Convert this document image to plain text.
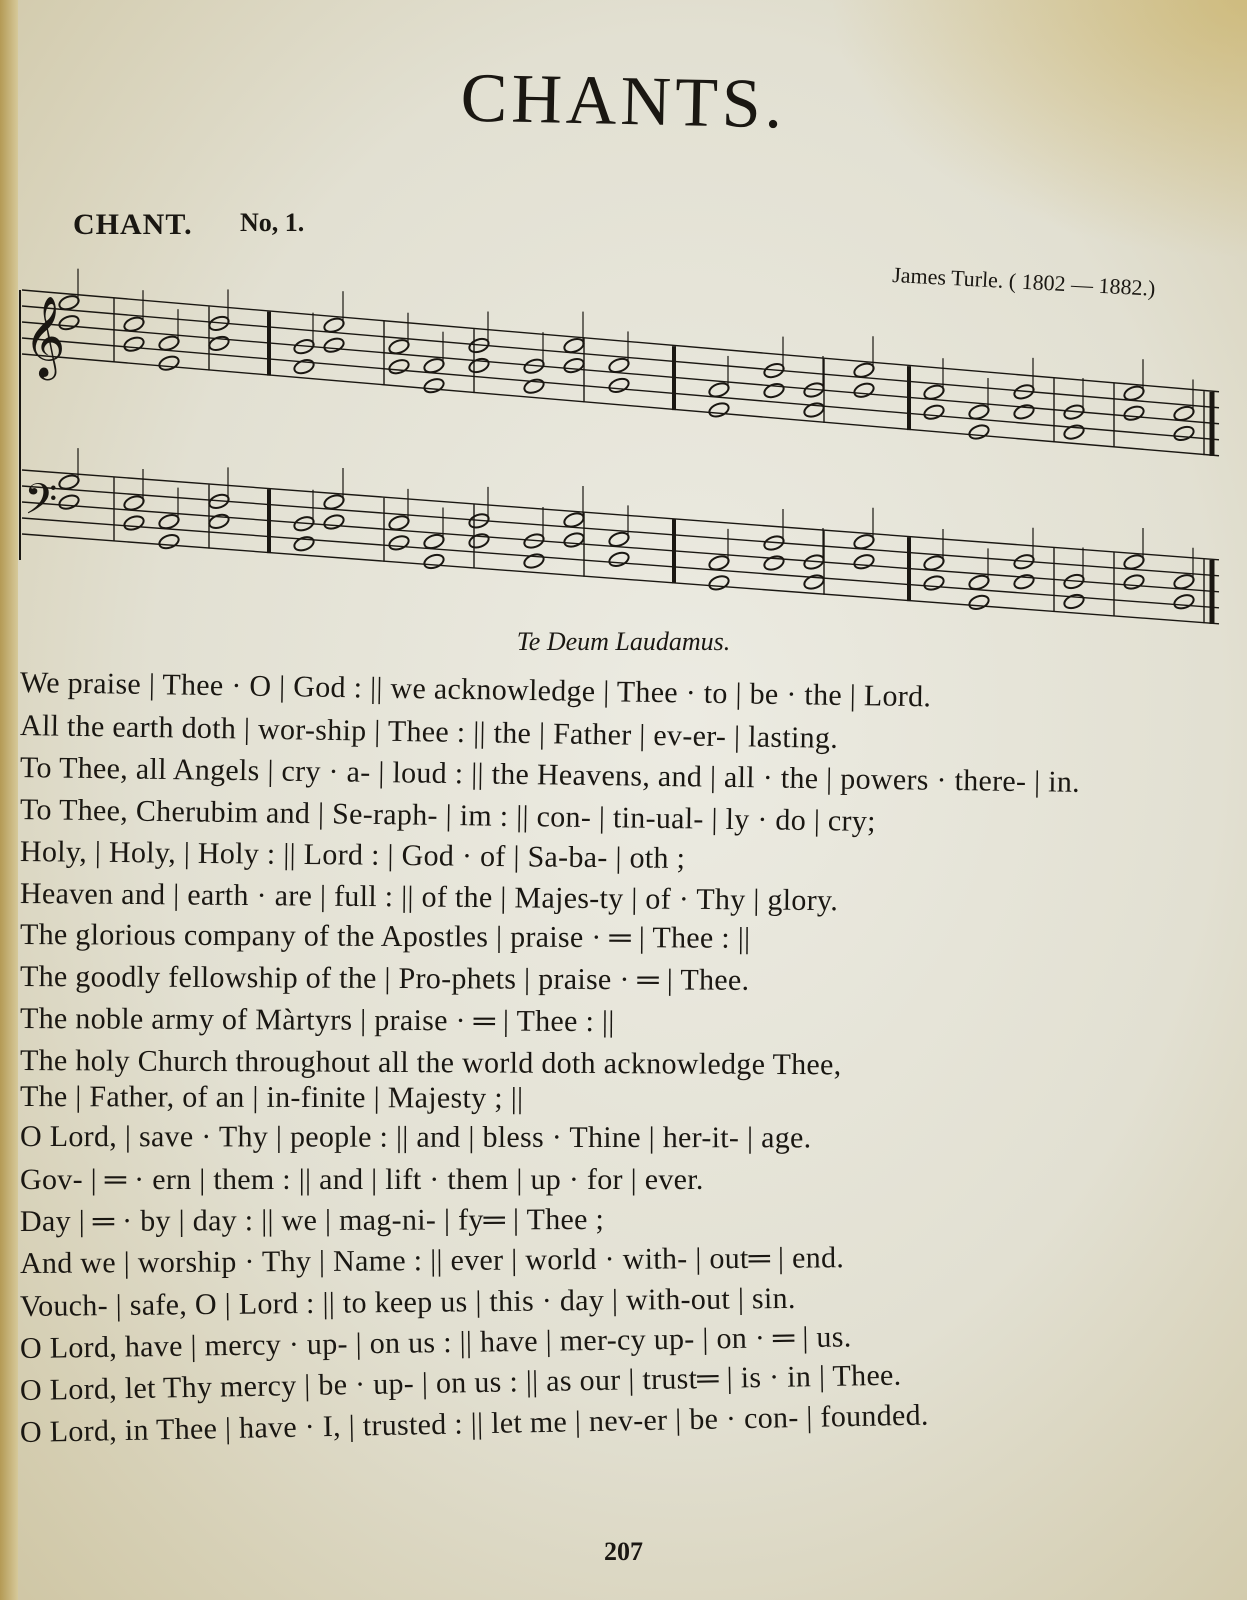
CHANTS.
CHANT. No, 1.
James Turle. ( 1802 — 1882.)
𝄞
𝄢
Te Deum Laudamus.
We praise | Thee · O | God : || we acknowledge | Thee · to | be · the | Lord.
All the earth doth | wor-ship | Thee : || the | Father | ev-er- | lasting.
To Thee, all Angels | cry · a- | loud : || the Heavens, and | all · the | powers · there- | in.
To Thee, Cherubim and | Se-raph- | im : || con- | tin-ual- | ly · do | cry;
Holy, | Holy, | Holy : || Lord : | God · of | Sa-ba- | oth ;
Heaven and | earth · are | full : || of the | Majes-ty | of · Thy | glory.
The glorious company of the Apostles | praise · ═ | Thee : ||
The goodly fellowship of the | Pro-phets | praise · ═ | Thee.
The noble army of Màrtyrs | praise · ═ | Thee : ||
The holy Church throughout all the world doth acknowledge Thee,
The | Father, of an | in-finite | Majesty ; ||
O Lord, | save · Thy | people : || and | bless · Thine | her-it- | age.
Gov- | ═ · ern | them : || and | lift · them | up · for | ever.
Day | ═ · by | day : || we | mag-ni- | fy═ | Thee ;
And we | worship · Thy | Name : || ever | world · with- | out═ | end.
Vouch- | safe, O | Lord : || to keep us | this · day | with-out | sin.
O Lord, have | mercy · up- | on us : || have | mer-cy up- | on · ═ | us.
O Lord, let Thy mercy | be · up- | on us : || as our | trust═ | is · in | Thee.
O Lord, in Thee | have · I, | trusted : || let me | nev-er | be · con- | founded.
207
